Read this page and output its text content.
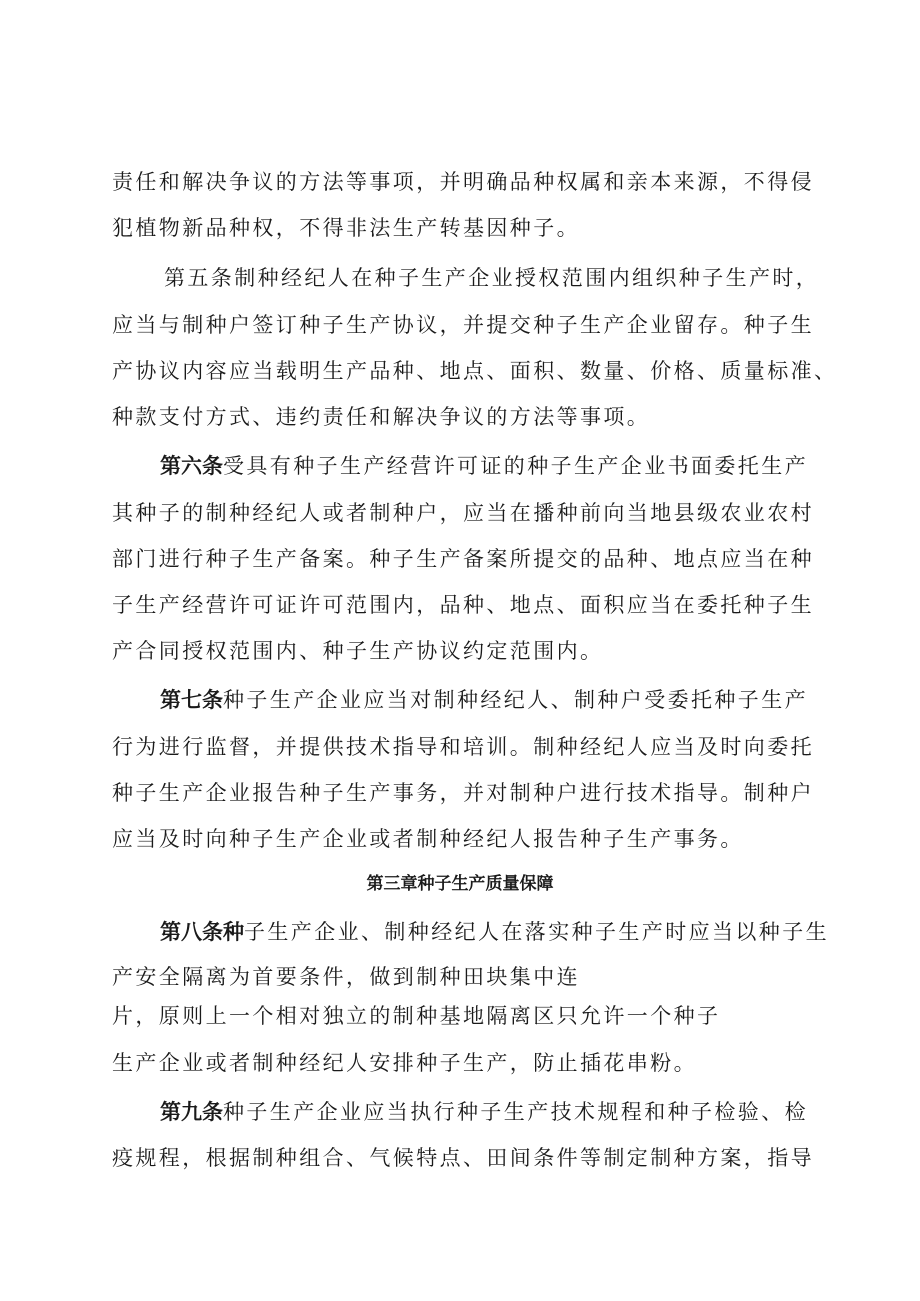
责任和解决争议的方法等事项，并明确品种权属和亲本来源，不得侵
犯植物新品种权，不得非法生产转基因种子。
第五条制种经纪人在种子生产企业授权范围内组织种子生产时，
应当与制种户签订种子生产协议，并提交种子生产企业留存。种子生
产协议内容应当载明生产品种、地点、面积、数量、价格、质量标准、
种款支付方式、违约责任和解决争议的方法等事项。
第六条受具有种子生产经营许可证的种子生产企业书面委托生产
其种子的制种经纪人或者制种户，应当在播种前向当地县级农业农村
部门进行种子生产备案。种子生产备案所提交的品种、地点应当在种
子生产经营许可证许可范围内，品种、地点、面积应当在委托种子生
产合同授权范围内、种子生产协议约定范围内。
第七条种子生产企业应当对制种经纪人、制种户受委托种子生产
行为进行监督，并提供技术指导和培训。制种经纪人应当及时向委托
种子生产企业报告种子生产事务，并对制种户进行技术指导。制种户
应当及时向种子生产企业或者制种经纪人报告种子生产事务。
第三章种子生产质量保障
第八条种子生产企业、制种经纪人在落实种子生产时应当以种子生
产安全隔离为首要条件，做到制种田块集中连
片，原则上一个相对独立的制种基地隔离区只允许一个种子
生产企业或者制种经纪人安排种子生产，防止插花串粉。
第九条种子生产企业应当执行种子生产技术规程和种子检验、检
疫规程，根据制种组合、气候特点、田间条件等制定制种方案，指导
